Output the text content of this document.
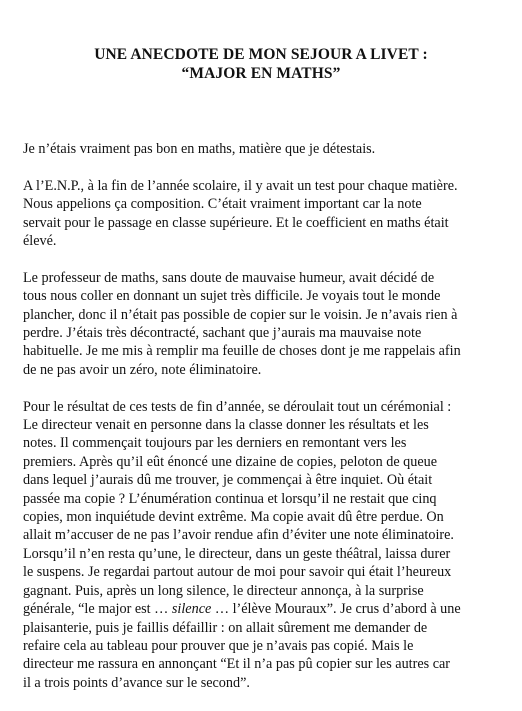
UNE ANECDOTE DE MON SEJOUR A LIVET :
“MAJOR EN MATHS”

Je n’étais vraiment pas bon en maths, matière que je détestais.

A l’E.N.P., à la fin de l’année scolaire, il y avait un test pour chaque matière.
Nous appelions ça composition. C’était vraiment important car la note
servait pour le passage en classe supérieure. Et le coefficient en maths était
élevé.

Le professeur de maths, sans doute de mauvaise humeur, avait décidé de
tous nous coller en donnant un sujet très difficile. Je voyais tout le monde
plancher, donc il n’était pas possible de copier sur le voisin. Je n’avais rien à
perdre. J’étais très décontracté, sachant que j’aurais ma mauvaise note
habituelle. Je me mis à remplir ma feuille de choses dont je me rappelais afin
de ne pas avoir un zéro, note éliminatoire.

Pour le résultat de ces tests de fin d’année, se déroulait tout un cérémonial :
Le directeur venait en personne dans la classe donner les résultats et les
notes. Il commençait toujours par les derniers en remontant vers les
premiers. Après qu’il eût énoncé une dizaine de copies, peloton de queue
dans lequel j’aurais dû me trouver, je commençai à être inquiet. Où était
passée ma copie ? L’énumération continua et lorsqu’il ne restait que cinq
copies, mon inquiétude devint extrême. Ma copie avait dû être perdue. On
allait m’accuser de ne pas l’avoir rendue afin d’éviter une note éliminatoire.
Lorsqu’il n’en resta qu’une, le directeur, dans un geste théâtral, laissa durer
le suspens. Je regardai partout autour de moi pour savoir qui était l’heureux
gagnant. Puis, après un long silence, le directeur annonça, à la surprise
générale, “le major est … silence … l’élève Mouraux”. Je crus d’abord à une
plaisanterie, puis je faillis défaillir : on allait sûrement me demander de
refaire cela au tableau pour prouver que je n’avais pas copié. Mais le
directeur me rassura en annonçant “Et il n’a pas pû copier sur les autres car
il a trois points d’avance sur le second”.
